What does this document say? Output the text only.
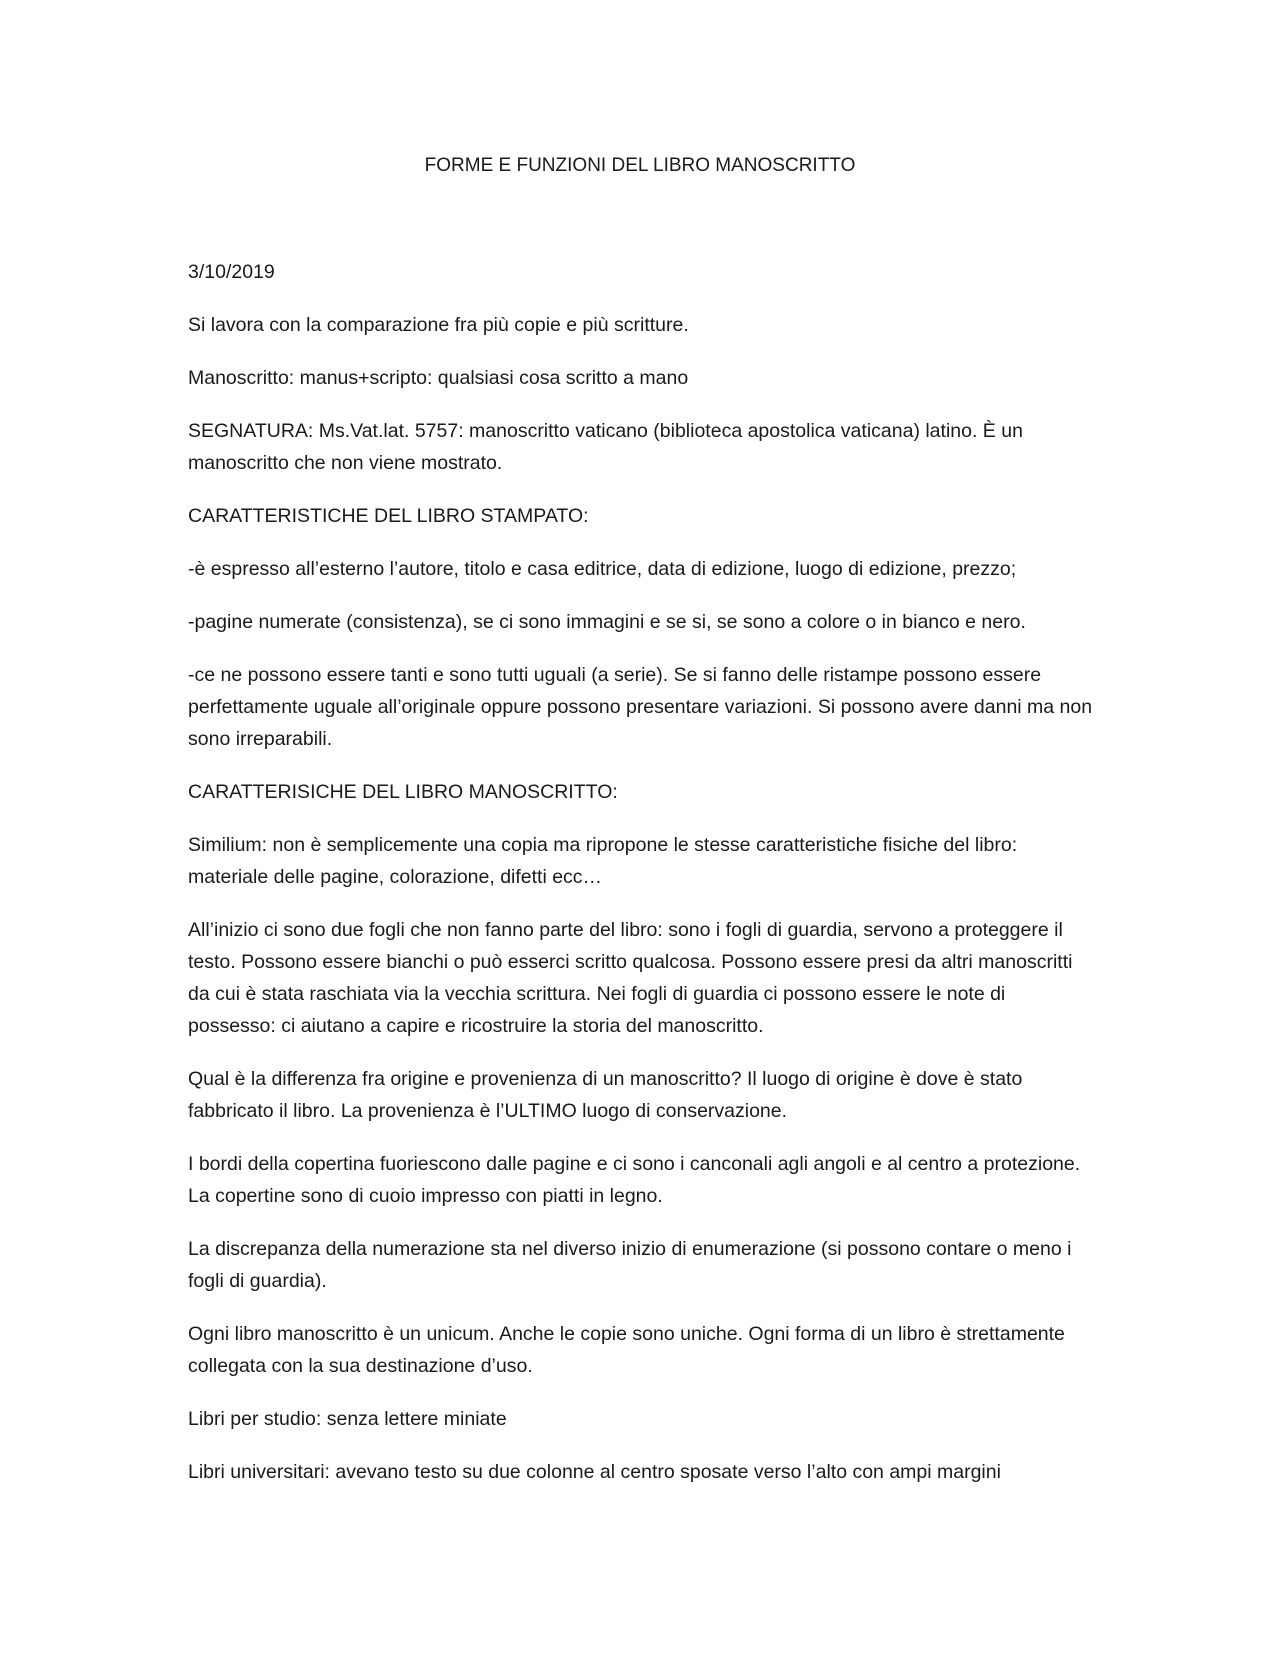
FORME E FUNZIONI DEL LIBRO MANOSCRITTO

3/10/2019

Si lavora con la comparazione fra più copie e più scritture.

Manoscritto: manus+scripto: qualsiasi cosa scritto a mano

SEGNATURA: Ms.Vat.lat. 5757: manoscritto vaticano (biblioteca apostolica vaticana) latino. È un manoscritto che non viene mostrato.

CARATTERISTICHE DEL LIBRO STAMPATO:

-è espresso all’esterno l’autore, titolo e casa editrice, data di edizione, luogo di edizione, prezzo;

-pagine numerate (consistenza), se ci sono immagini e se si, se sono a colore o in bianco e nero.

-ce ne possono essere tanti e sono tutti uguali (a serie). Se si fanno delle ristampe possono essere perfettamente uguale all’originale oppure possono presentare variazioni. Si possono avere danni ma non sono irreparabili.

CARATTERISICHE DEL LIBRO MANOSCRITTO:

Similium: non è semplicemente una copia ma ripropone le stesse caratteristiche fisiche del libro: materiale delle pagine, colorazione, difetti ecc…

All’inizio ci sono due fogli che non fanno parte del libro: sono i fogli di guardia, servono a proteggere il testo. Possono essere bianchi o può esserci scritto qualcosa. Possono essere presi da altri manoscritti da cui è stata raschiata via la vecchia scrittura. Nei fogli di guardia ci possono essere le note di possesso: ci aiutano a capire e ricostruire la storia del manoscritto.

Qual è la differenza fra origine e provenienza di un manoscritto? Il luogo di origine è dove è stato fabbricato il libro. La provenienza è l’ULTIMO luogo di conservazione.

I bordi della copertina fuoriescono dalle pagine e ci sono i canconali agli angoli e al centro a protezione. La copertine sono di cuoio impresso con piatti in legno.

La discrepanza della numerazione sta nel diverso inizio di enumerazione (si possono contare o meno i fogli di guardia).

Ogni libro manoscritto è un unicum. Anche le copie sono uniche. Ogni forma di un libro è strettamente collegata con la sua destinazione d’uso.

Libri per studio: senza lettere miniate

Libri universitari: avevano testo su due colonne al centro sposate verso l’alto con ampi margini
